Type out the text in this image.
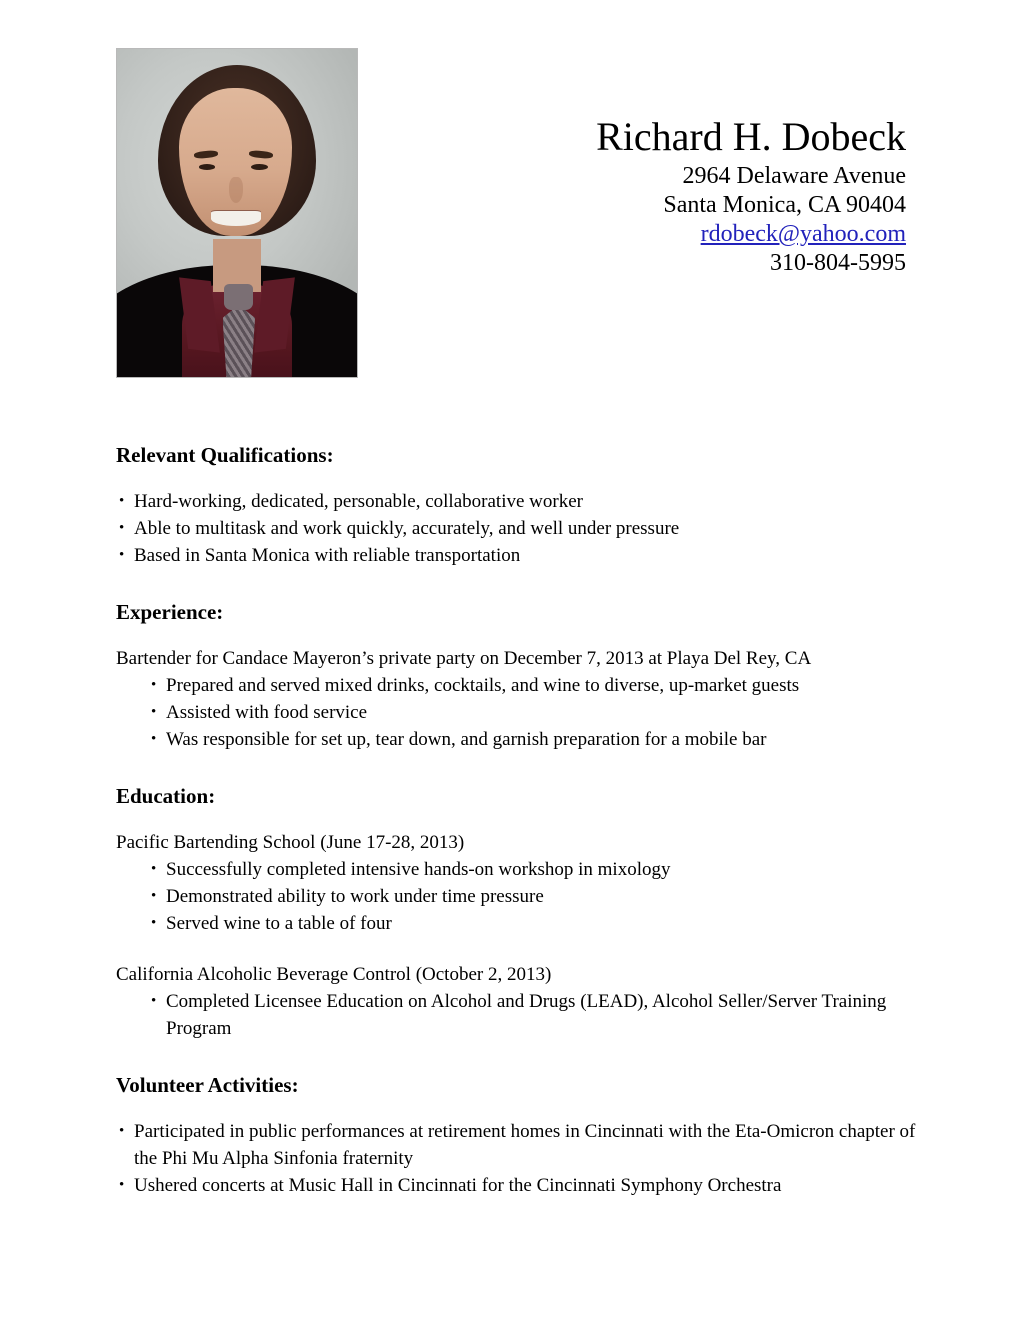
Richard H. Dobeck
2964 Delaware Avenue
Santa Monica, CA 90404
rdobeck@yahoo.com
310-804-5995
Relevant Qualifications:
• Hard-working, dedicated, personable, collaborative worker
• Able to multitask and work quickly, accurately, and well under pressure
• Based in Santa Monica with reliable transportation
Experience:

Bartender for Candace Mayeron’s private party on December 7, 2013 at Playa Del Rey, CA

• Prepared and served mixed drinks, cocktails, and wine to diverse, up-market guests
• Assisted with food service
• Was responsible for set up, tear down, and garnish preparation for a mobile bar
Education:

Pacific Bartending School (June 17-28, 2013)

• Successfully completed intensive hands-on workshop in mixology
• Demonstrated ability to work under time pressure
• Served wine to a table of four

California Alcoholic Beverage Control (October 2, 2013)

• Completed Licensee Education on Alcohol and Drugs (LEAD), Alcohol Seller/Server Training Program
Volunteer Activities:
• Participated in public performances at retirement homes in Cincinnati with the Eta-Omicron chapter of the Phi Mu Alpha Sinfonia fraternity
• Ushered concerts at Music Hall in Cincinnati for the Cincinnati Symphony Orchestra
